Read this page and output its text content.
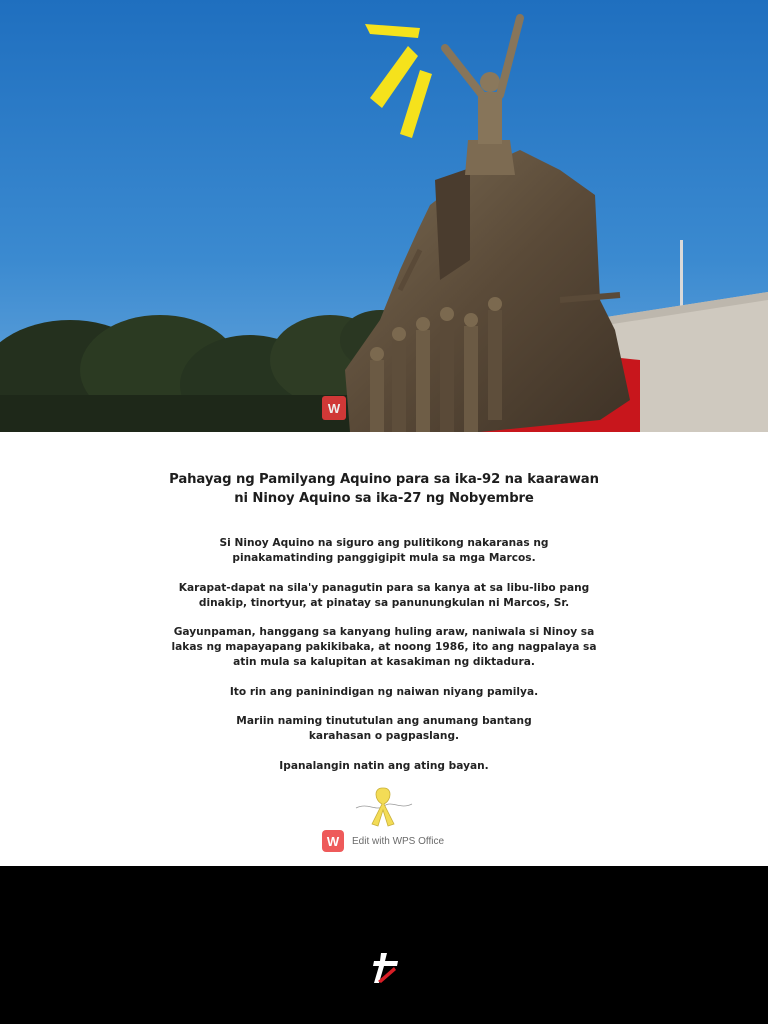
W
Pahayag ng Pamilyang Aquino para sa ika-92 na kaarawan
ni Ninoy Aquino sa ika-27 ng Nobyembre

Si Ninoy Aquino na siguro ang pulitikong nakaranas ng
pinakamatinding panggigipit mula sa mga Marcos.

Karapat-dapat na sila'y panagutin para sa kanya at sa libu-libo pang
dinakip, tinortyur, at pinatay sa panunungkulan ni Marcos, Sr.

Gayunpaman, hanggang sa kanyang huling araw, naniwala si Ninoy sa
lakas ng mapayapang pakikibaka, at noong 1986, ito ang nagpalaya sa
atin mula sa kalupitan at kasakiman ng diktadura.

Ito rin ang paninindigan ng naiwan niyang pamilya.

Mariin naming tinututulan ang anumang bantang
karahasan o pagpaslang.

Ipanalangin natin ang ating bayan.

W	Edit with WPS Office
